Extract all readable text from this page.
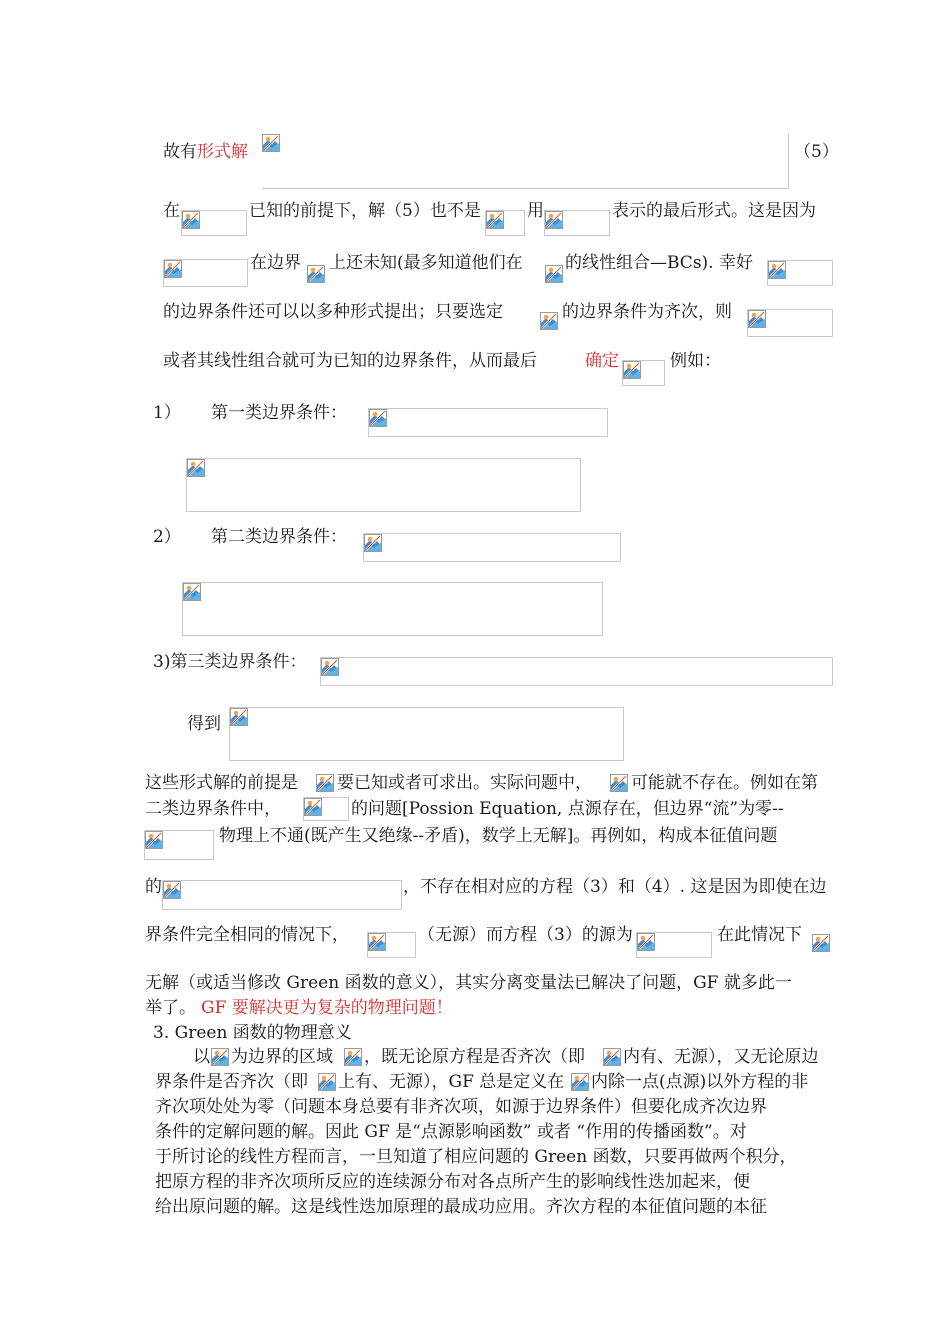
故有 形式解	（5）
在	已知的前提下，解（5）也不是	用	表示的最后形式。这是因为
在边界 上还未知(最多知道他们在 的线性组合—BCs). 幸好
的边界条件还可以以多种形式提出；只要选定	的边界条件为齐次，则
或者其线性组合就可为已知的边界条件，从而最后	确定	例如：
1） 第一类边界条件：
2） 第二类边界条件：
3)第三类边界条件：
得到
这些形式解的前提是 要已知或者可求出。实际问题中， 可能就不存在。例如在第
二类边界条件中，	的问题[Possion Equation, 点源存在，但边界“流”为零--
物理上不通(既产生又绝缘--矛盾)，数学上无解]。再例如，构成本征值问题
的	，不存在相对应的方程（3）和（4）. 这是因为即使在边
界条件完全相同的情况下，	（无源）而方程（3）的源为	在此情况下
无解（或适当修改 Green 函数的意义），其实分离变量法已解决了问题，GF 就多此一
举了。 GF 要解决更为复杂的物理问题！
3. Green 函数的物理意义
以 为边界的区域 ，既无论原方程是否齐次（即 内有、无源），又无论原边
界条件是否齐次（即 上有、无源），GF 总是定义在 内除一点(点源)以外方程的非
齐次项处处为零（问题本身总要有非齐次项，如源于边界条件）但要化成齐次边界
条件的定解问题的解。因此 GF 是“点源影响函数” 或者 “作用的传播函数”。对
于所讨论的线性方程而言，一旦知道了相应问题的 Green 函数，只要再做两个积分，
把原方程的非齐次项所反应的连续源分布对各点所产生的影响线性迭加起来，便
给出原问题的解。这是线性迭加原理的最成功应用。齐次方程的本征值问题的本征
